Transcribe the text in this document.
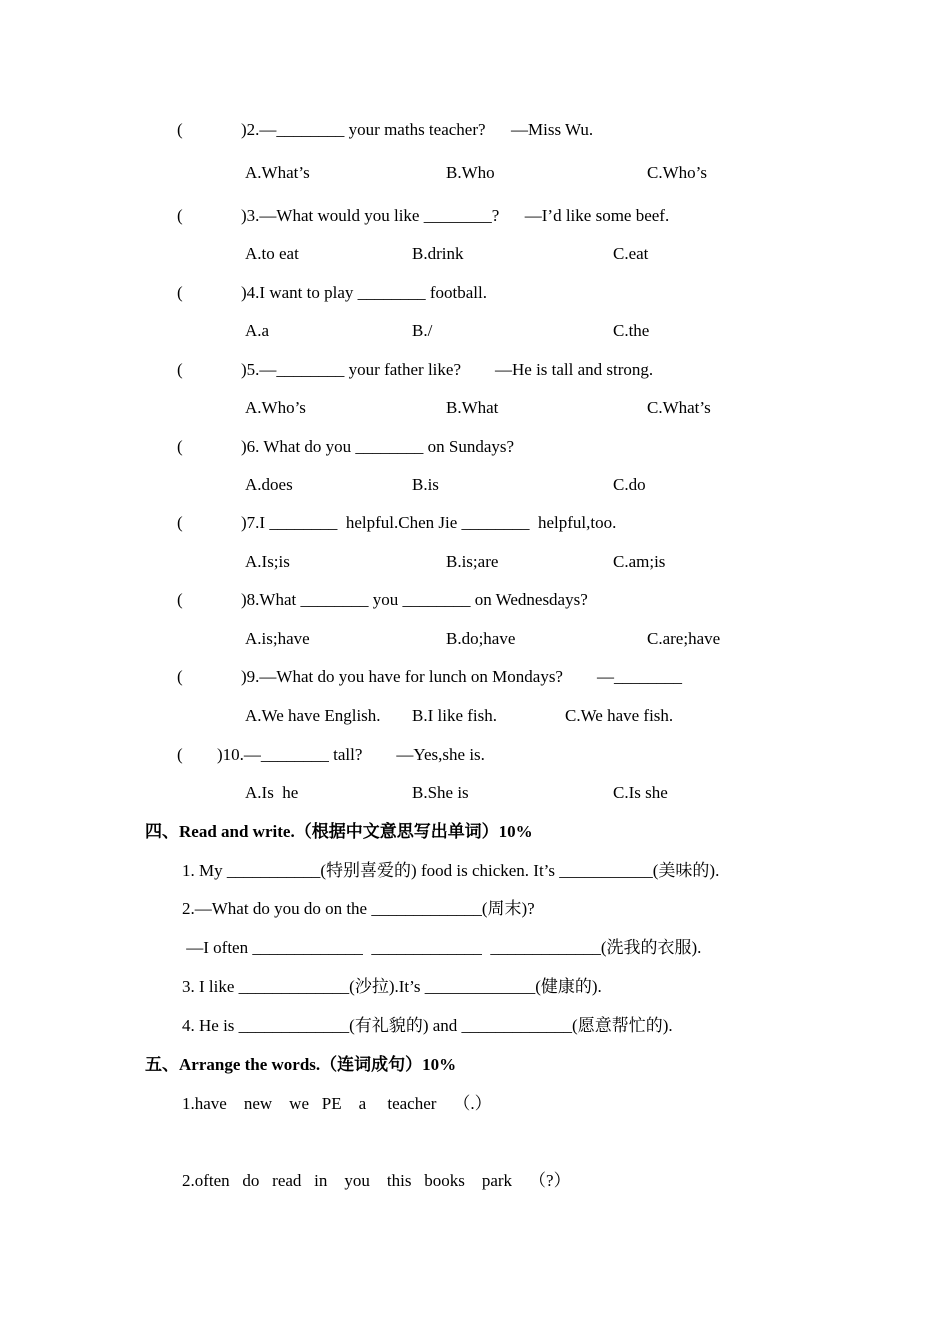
(	)2.—________ your maths teacher?      —Miss Wu.
A.What’s	B.Who	C.Who’s
(	)3.—What would you like ________?      —I’d like some beef.
A.to eat	B.drink	C.eat
(	)4.I want to play ________ football.
A.a	B./	C.the
(	)5.—________ your father like?        —He is tall and strong.
A.Who’s	B.What	C.What’s
(	)6. What do you ________ on Sundays?
A.does	B.is	C.do
(	)7.I ________  helpful.Chen Jie ________  helpful,too.
A.Is;is	B.is;are	C.am;is
(	)8.What ________ you ________ on Wednesdays?
A.is;have	B.do;have	C.are;have
(	)9.—What do you have for lunch on Mondays?        —________
A.We have English. B.I like fish.	C.We have fish.
( )10.—________ tall?        —Yes,she is.
A.Is  he	B.She is	C.Is she
四、Read and write.（根据中文意思写出单词）10%
1. My ___________(特别喜爱的) food is chicken. It’s ___________(美味的).
2.—What do you do on the _____________(周末)?
—I often _____________  _____________  _____________(洗我的衣服).
3. I like _____________(沙拉).It’s _____________(健康的).
4. He is _____________(有礼貌的) and _____________(愿意帮忙的).
五、Arrange the words.（连词成句）10%
1.have    new    we   PE    a     teacher    （.）
2.often   do   read   in    you    this   books    park    （?）
